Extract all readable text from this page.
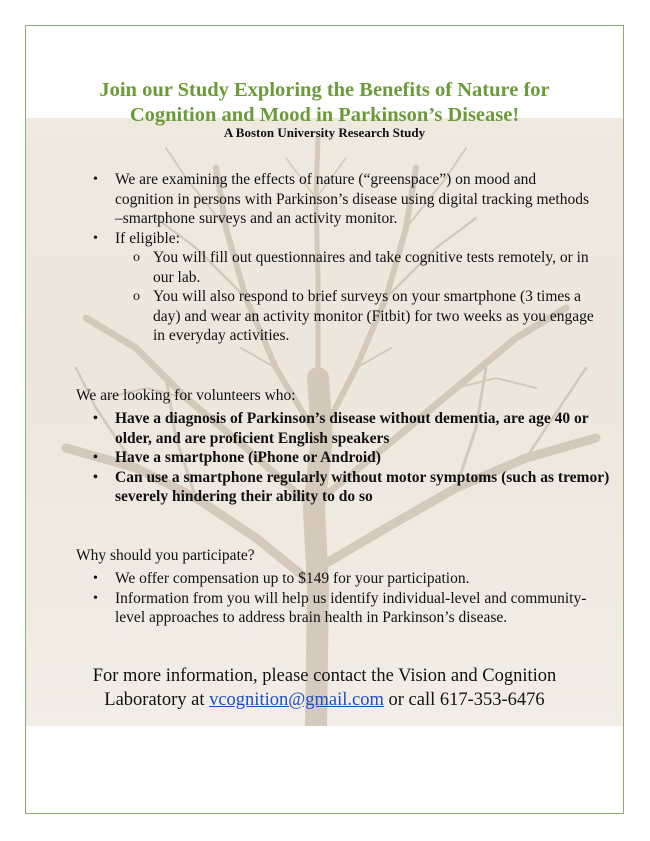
Join our Study Exploring the Benefits of Nature for
Cognition and Mood in Parkinson’s Disease!
A Boston University Research Study
• We are examining the effects of nature (“greenspace”) on mood and cognition in persons with Parkinson’s disease using digital tracking methods –smartphone surveys and an activity monitor.
• If eligible:
o You will fill out questionnaires and take cognitive tests remotely, or in our lab.
o You will also respond to brief surveys on your smartphone (3 times a day) and wear an activity monitor (Fitbit) for two weeks as you engage in everyday activities.
We are looking for volunteers who:
• Have a diagnosis of Parkinson’s disease without dementia, are age 40 or older, and are proficient English speakers
• Have a smartphone (iPhone or Android)
• Can use a smartphone regularly without motor symptoms (such as tremor) severely hindering their ability to do so
Why should you participate?
• We offer compensation up to $149 for your participation.
• Information from you will help us identify individual-level and community-level approaches to address brain health in Parkinson’s disease.
For more information, please contact the Vision and Cognition
Laboratory at vcognition@gmail.com or call 617-353-6476
